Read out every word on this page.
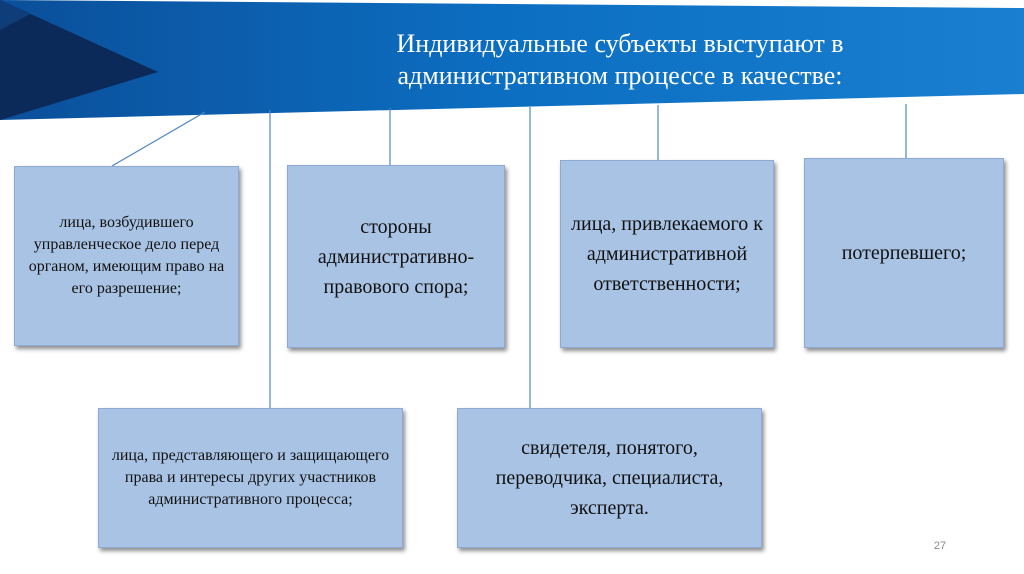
Индивидуальные субъекты выступают в административном процессе в качестве:
лица, возбудившего управленческое дело перед органом, имеющим право на его разрешение;
стороны административно-правового спора;
лица, привлекаемого к административной ответственности;
потерпевшего;
лица, представляющего и защищающего права и интересы других участников административного процесса;
свидетеля, понятого, переводчика, специалиста, эксперта.
27
